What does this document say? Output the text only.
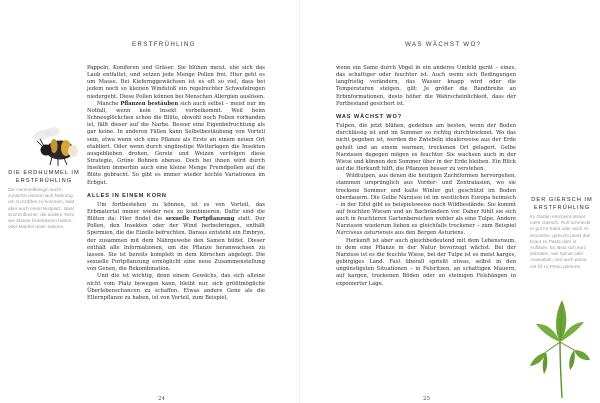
ERSTFRÜHLING
DIE ERDHUMMEL IM ERSTFRÜHLING
Die Hummelkönigin sucht zunächst einmal nach Nahrung, um zu Kräften zu kommen, bald aber auch einen Nistplatz. Ideal sind Erdlöcher, die andere Tiere wie Mäuse hinterlassen haben, oder Mulden unter Steinen.

Pappeln, Koniferen und Gräser. Sie blühen meist, ehe sich das Laub entfaltet, und setzen jede Menge Pollen frei. Hier geht es um Masse. Bei Kiefernggewächsen ist es oft so viel, dass bei jedem noch so kleinen Windstoß ein regelrechter Schwefelregen niedergeht. Diese Pollen können bei Menschen Allergien auslösen.

Manche Pflanzen bestäuben sich auch selbst – meist nur im Notfall, wenn kein Insekt vorbeikommt. Weil beim Schneeglöckchen schon die Blüte, obwohl noch Pollen vorhanden ist, fällt dieser auf die Narbe. Besser eine Eigenbefruchtung als gar keine. In anderen Fällen kann Selbstbestäubung von Vorteil sein, etwa wenn sich eine Pflanze als Erste an einem neuen Ort etabliert. Oder wenn durch ungünstige Wetterlagen die Insekten ausgeblieben drohen. Gerste und Weizen verfolgen diese Strategie, Grüne Bohnen ebenso. Doch bei ihnen wird durch Insekten immerhin auch eine kleine Menge Fremdpollen auf die Blüte gebracht. So gibt es immer wieder leichte Variationen im Erbgut.

ALLES IN EINEM KORN

Um fortbestehen zu können, ist es von Vorteil, das Erbmaterial immer wieder neu zu kombinieren. Dafür sind die Blüten da: Hier findet die sexuelle Fortpflanzung statt. Der Pollen, den Insekten oder der Wind herbeibringen, enthält Spermien, die die Eizelle befruchten. Daraus entsteht ein Embryo, der zusammen mit dem Nährgewebe den Samen bildet. Dieser enthält alle Informationen, um die Pflanze heranwachsen zu lassen. Sie ist bereits komplett in dem Körnchen angelegt. Die sexuelle Fortpflanzung ermöglicht eine neue Zusammenstellung von Genen, die Rekombination.

Und die ist wichtig, denn einem Gewächs, das sich alleine nicht vom Platz bewegen kann, bleibt nur, sich größtmögliche Überlebenschancen zu schaffen. Etwas andere Gene als die Elternpflanze zu haben, ist von Vorteil, zum Beispiel,

24
WAS WÄCHST WO?

wenn ein Same durch Vögel in ein anderes Umfeld gerät – eines, das schattiger oder feuchter ist. Auch wenn sich Bedingungen langfristig verändern, das Wasser knapp wird oder die Temperaturen steigen, gilt: Je größer die Bandbreite an Erbinformationen, desto höher die Wahrscheinlichkeit, dass der Fortbestand gesichert ist.

WAS WÄCHST WO?

Tulpen, die jetzt blühen, gedeihen am besten, wenn der Boden durchlässig ist und im Sommer so richtig durchtrocknet. Wo das nicht gegeben ist, werden die Zwiebeln idealerweise aus der Erde geholt und an einem warmen, trockenen Ort gelagert. Gelbe Narzissen dagegen mögen es feuchter. Sie wachsen auch in der Wiese und können den Sommer über in der Erde bleiben. Ein Blick auf die Herkunft hilft, die Pflanzen besser zu verstehen.

Wildtulpen, aus denen die heutigen Zuchtformen hervorgehen, stammen ursprünglich aus Vorder- und Zentralasien, wo sie trockene Sommer und kalte Winter gut geschützt im Boden überdauern. Die Gelbe Narzisse ist im westlichen Europa heimisch – in der Eifel gibt es beispielsweise noch Wildbestände. Sie kommt auf feuchten Wiesen und an Bachrändern vor. Daher fühlt sie sich auch in feuchteren Gartenbereichen wohler als eine Tulpe. Andere Narzissen wiederum lieben es gleichfalls trockener – zum Beispiel Narcissus asturiensis aus den Bergen Asturiens.

Herkunft ist aber auch gleichbedeutend mit dem Lebensraum, in dem eine Pflanze in der Natur bevorzugt wächst. Bei der Narzisse ist es die feuchte Wiese, bei der Tulpe ist es meist karges, gebirgiges Land. Fast überall sprießt etwas, selbst in den ungünstigsten Situationen – in Felsritzen, an schattigen Mauern, auf kargen, trockenen Böden oder an steinigen Felshängen in exponierter Lage.

DER GIERSCH IM ERSTFRÜHLING
Im Garten erscheint immer mehr Giersch. Roh schmeckt er gut im Salat oder auch im Smoothie, gekocht passt das Kraut zu Pasta oder in Aufläufe. Es lässt sich kurz anbraten, wie Spinat oder Asiasalate, und auch prima mit Öl zu Pesto pürieren.
25
